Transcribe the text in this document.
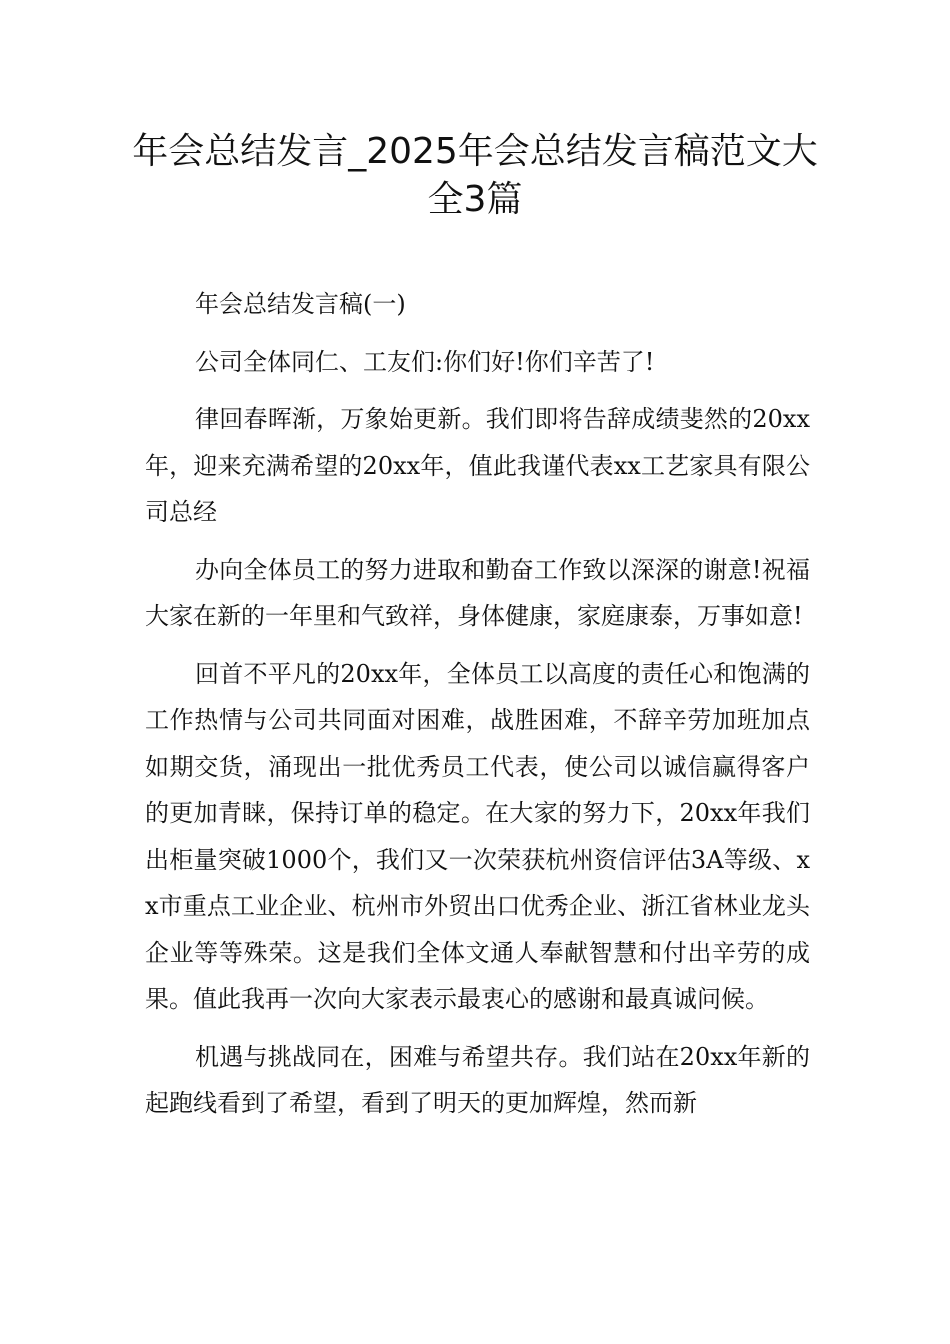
年会总结发言_2025年会总结发言稿范文大全3篇

年会总结发言稿(一)

公司全体同仁、工友们:你们好!你们辛苦了!

律回春晖渐，万象始更新。我们即将告辞成绩斐然的20xx年，迎来充满希望的20xx年，值此我谨代表xx工艺家具有限公司总经

办向全体员工的努力进取和勤奋工作致以深深的谢意!祝福大家在新的一年里和气致祥，身体健康，家庭康泰，万事如意!

回首不平凡的20xx年，全体员工以高度的责任心和饱满的工作热情与公司共同面对困难，战胜困难，不辞辛劳加班加点如期交货，涌现出一批优秀员工代表，使公司以诚信赢得客户的更加青睐，保持订单的稳定。在大家的努力下，20xx年我们出柜量突破1000个，我们又一次荣获杭州资信评估3A等级、xx市重点工业企业、杭州市外贸出口优秀企业、浙江省林业龙头企业等等殊荣。这是我们全体文通人奉献智慧和付出辛劳的成果。值此我再一次向大家表示最衷心的感谢和最真诚问候。

机遇与挑战同在，困难与希望共存。我们站在20xx年新的起跑线看到了希望，看到了明天的更加辉煌，然而新
